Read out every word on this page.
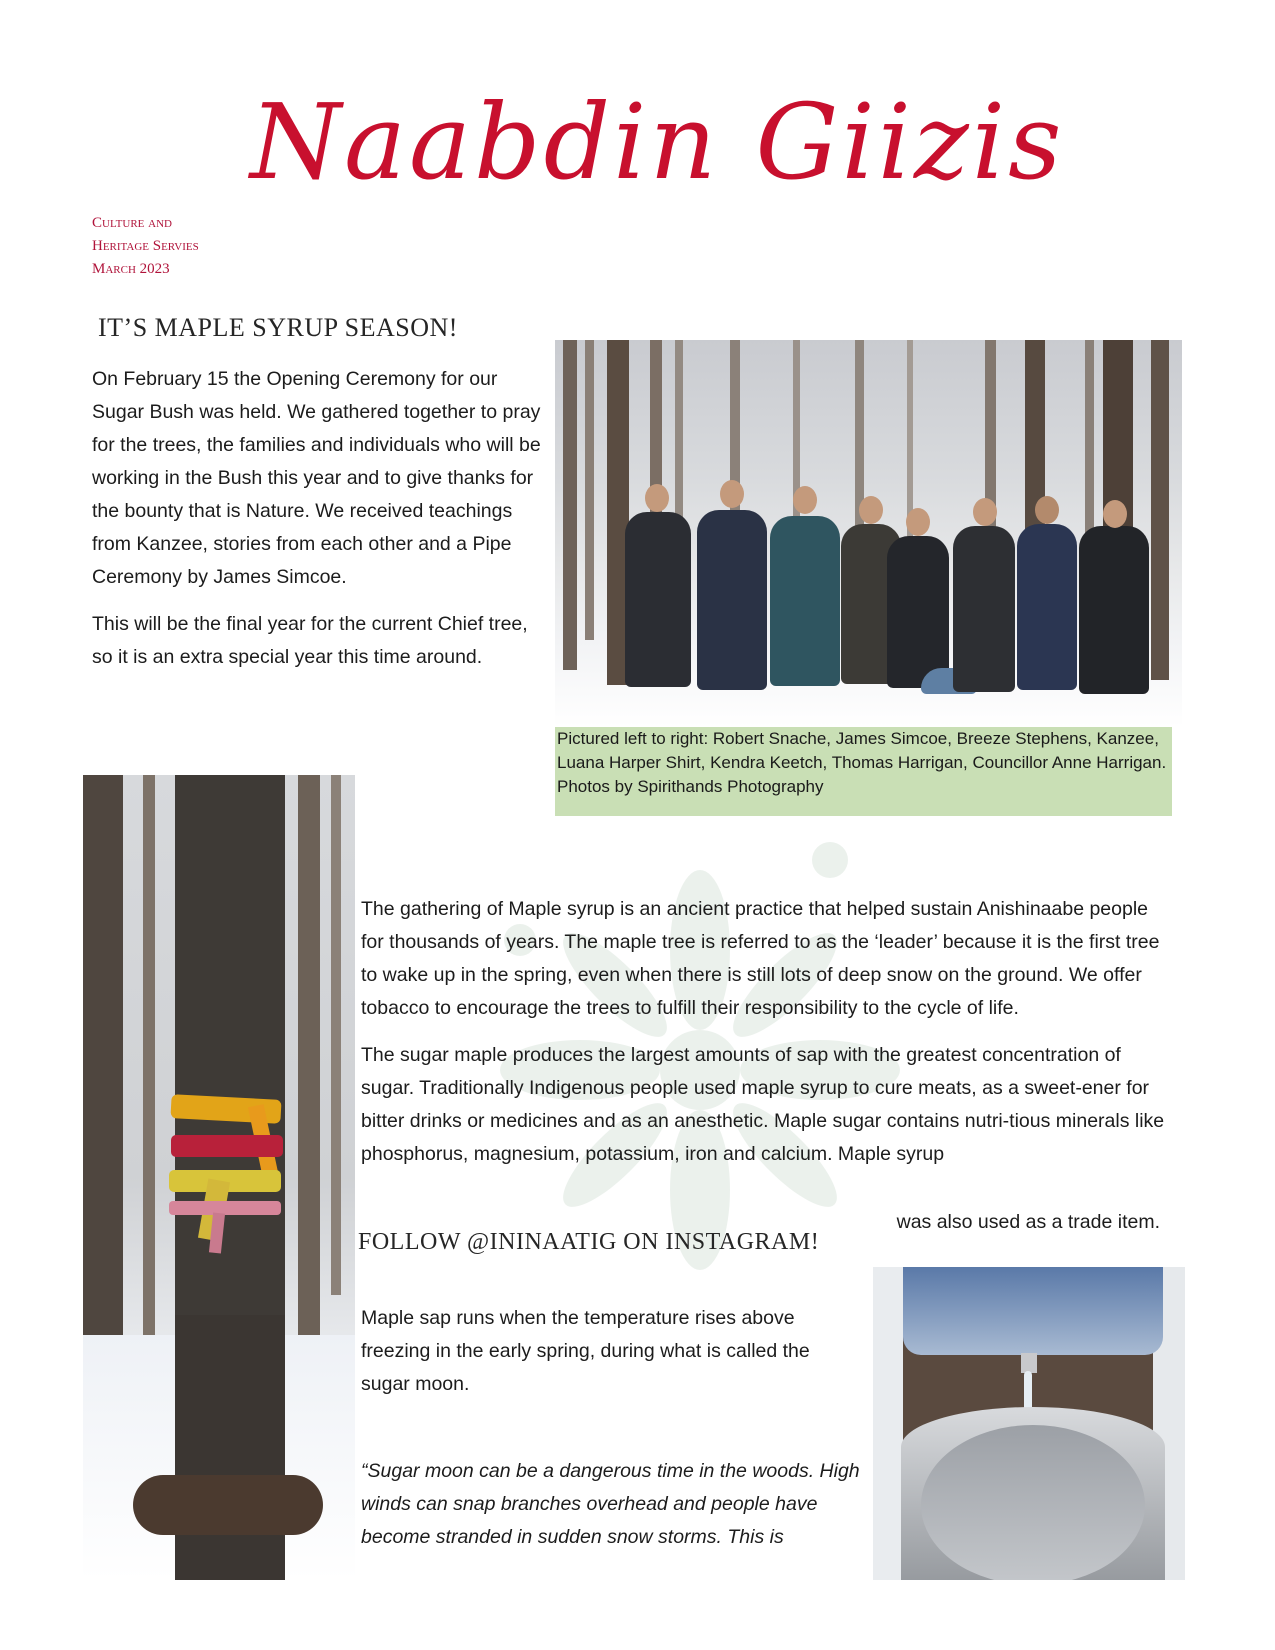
Naabdin Giizis
Culture and
Heritage Servies
March 2023
IT’S MAPLE SYRUP SEASON!

On February 15 the Opening Ceremony for our Sugar Bush was held. We gathered together to pray for the trees, the families and individuals who will be working in the Bush this year and to give thanks for the bounty that is Nature. We received teachings from Kanzee, stories from each other and a Pipe Ceremony by James Simcoe.

This will be the final year for the current Chief tree, so it is an extra special year this time around.

Pictured left to right: Robert Snache, James Simcoe, Breeze Stephens, Kanzee, Luana Harper Shirt, Kendra Keetch, Thomas Harrigan, Councillor Anne Harrigan. Photos by Spirithands Photography

The gathering of Maple syrup is an ancient practice that helped sustain Anishinaabe people for thousands of years. The maple tree is referred to as the ‘leader’ because it is the first tree to wake up in the spring, even when there is still lots of deep snow on the ground. We offer tobacco to encourage the trees to fulfill their responsibility to the cycle of life.

The sugar maple produces the largest amounts of sap with the greatest concentration of sugar. Traditionally Indigenous people used maple syrup to cure meats, as a sweet-ener for bitter drinks or medicines and as an anesthetic. Maple sugar contains nutri-tious minerals like phosphorus, magnesium, potassium, iron and calcium. Maple syrup

was also used as a trade item.
FOLLOW @ININAATIG ON INSTAGRAM!

Maple sap runs when the temperature rises above freezing in the early spring, during what is called the sugar moon.

“Sugar moon can be a dangerous time in the woods. High winds can snap branches overhead and people have become stranded in sudden snow storms. This is
